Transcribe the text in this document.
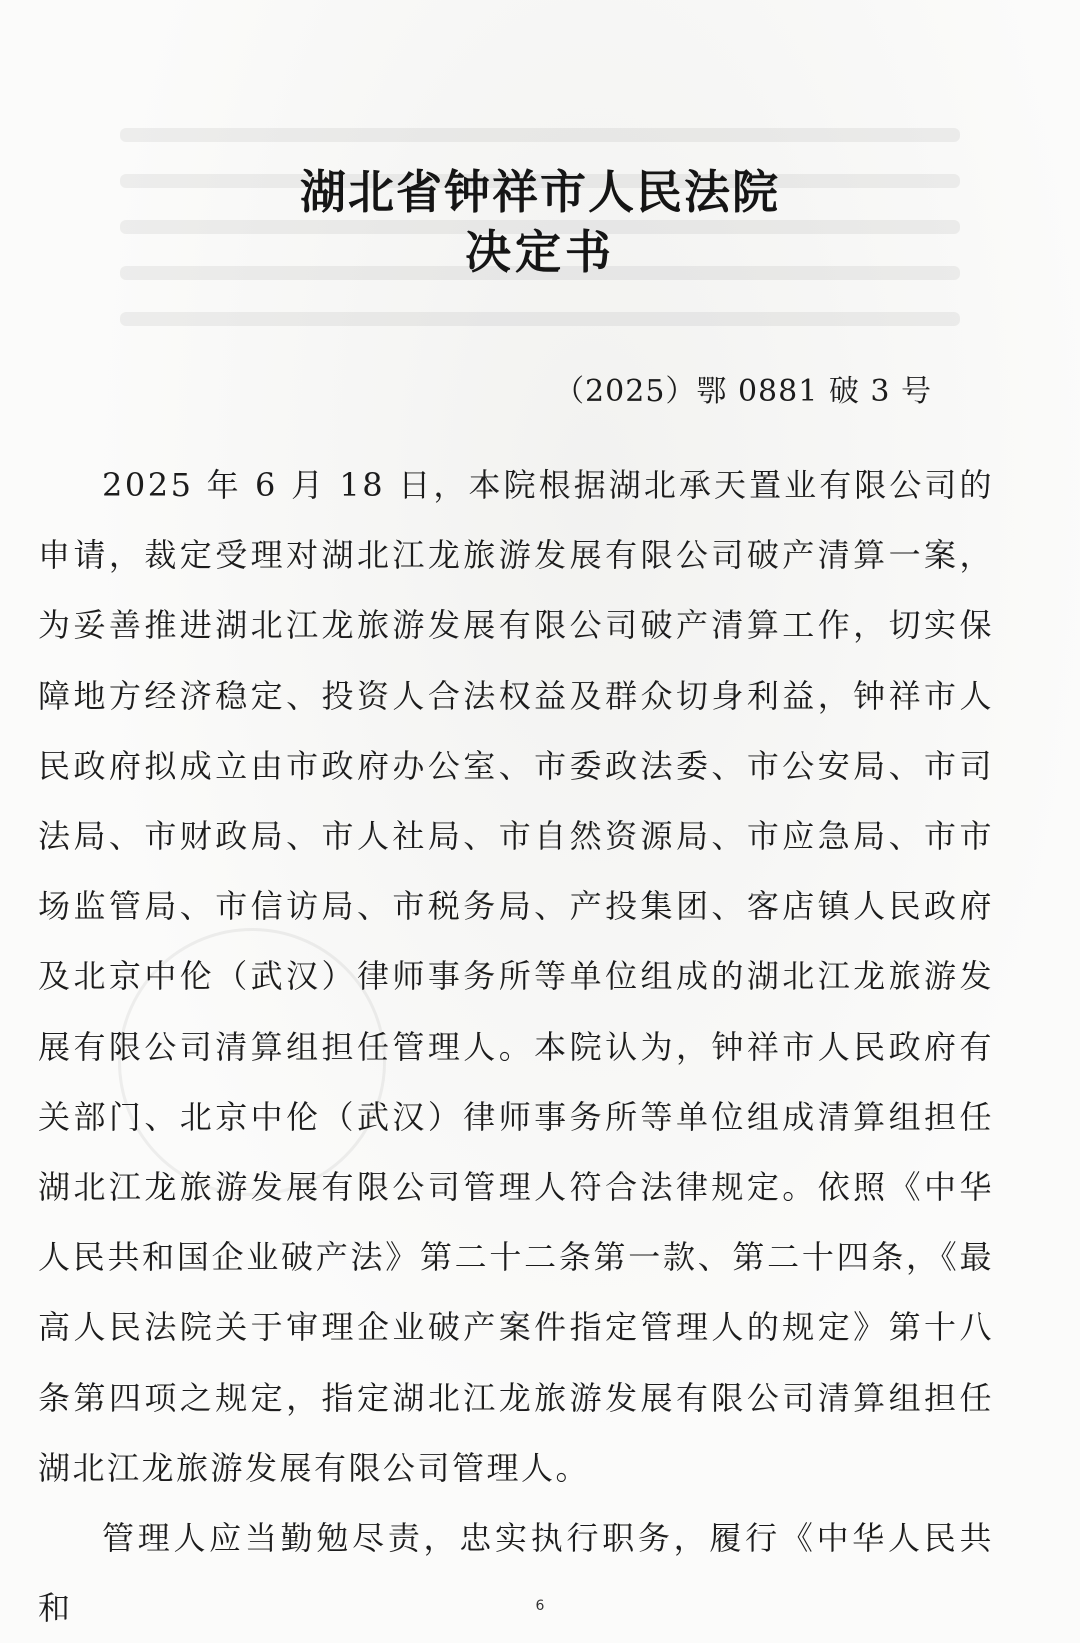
湖北省钟祥市人民法院
决定书
（2025）鄂 0881 破 3 号

2025 年 6 月 18 日，本院根据湖北承天置业有限公司的申请，裁定受理对湖北江龙旅游发展有限公司破产清算一案，为妥善推进湖北江龙旅游发展有限公司破产清算工作，切实保障地方经济稳定、投资人合法权益及群众切身利益，钟祥市人民政府拟成立由市政府办公室、市委政法委、市公安局、市司法局、市财政局、市人社局、市自然资源局、市应急局、市市场监管局、市信访局、市税务局、产投集团、客店镇人民政府及北京中伦（武汉）律师事务所等单位组成的湖北江龙旅游发展有限公司清算组担任管理人。本院认为，钟祥市人民政府有关部门、北京中伦（武汉）律师事务所等单位组成清算组担任湖北江龙旅游发展有限公司管理人符合法律规定。依照《中华人民共和国企业破产法》第二十二条第一款、第二十四条，《最高人民法院关于审理企业破产案件指定管理人的规定》第十八条第四项之规定，指定湖北江龙旅游发展有限公司清算组担任湖北江龙旅游发展有限公司管理人。

管理人应当勤勉尽责，忠实执行职务，履行《中华人民共和	6
